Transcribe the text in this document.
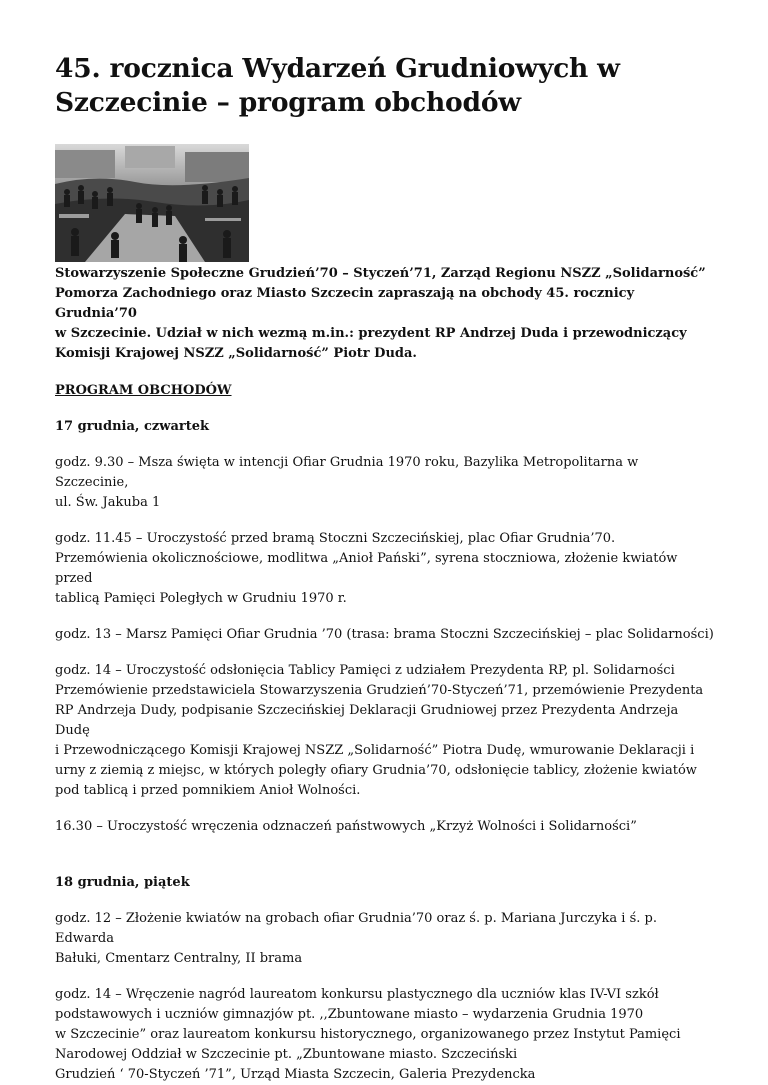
45. rocznica Wydarzeń Grudniowych w
Szczecinie – program obchodów

Stowarzyszenie Społeczne Grudzień’70 – Styczeń’71, Zarząd Regionu NSZZ „Solidarność”
Pomorza Zachodniego oraz Miasto Szczecin zapraszają na obchody 45. rocznicy Grudnia’70
w Szczecinie. Udział w nich wezmą m.in.: prezydent RP Andrzej Duda i przewodniczący
Komisji Krajowej NSZZ „Solidarność” Piotr Duda.

PROGRAM OBCHODÓW

17 grudnia, czwartek

godz. 9.30 – Msza święta w intencji Ofiar Grudnia 1970 roku, Bazylika Metropolitarna w Szczecinie,
ul. Św. Jakuba 1
godz. 11.45 – Uroczystość przed bramą Stoczni Szczecińskiej, plac Ofiar Grudnia’70.
Przemówienia okolicznościowe, modlitwa „Anioł Pański”, syrena stoczniowa, złożenie kwiatów przed
tablicą Pamięci Poległych w Grudniu 1970 r.
godz. 13 – Marsz Pamięci Ofiar Grudnia ’70 (trasa: brama Stoczni Szczecińskiej – plac Solidarności)
godz. 14 – Uroczystość odsłonięcia Tablicy Pamięci z udziałem Prezydenta RP, pl. Solidarności
Przemówienie przedstawiciela Stowarzyszenia Grudzień’70-Styczeń’71, przemówienie Prezydenta
RP Andrzeja Dudy, podpisanie Szczecińskiej Deklaracji Grudniowej przez Prezydenta Andrzeja Dudę
i Przewodniczącego Komisji Krajowej NSZZ „Solidarność” Piotra Dudę, wmurowanie Deklaracji i
urny z ziemią z miejsc, w których poległy ofiary Grudnia’70, odsłonięcie tablicy, złożenie kwiatów
pod tablicą i przed pomnikiem Anioł Wolności.
16.30 – Uroczystość wręczenia odznaczeń państwowych „Krzyż Wolności i Solidarności”

18 grudnia, piątek

godz. 12 – Złożenie kwiatów na grobach ofiar Grudnia’70 oraz ś. p. Mariana Jurczyka i ś. p. Edwarda
Bałuki, Cmentarz Centralny, II brama
godz. 14 – Wręczenie nagród laureatom konkursu plastycznego dla uczniów klas IV-VI szkół
podstawowych i uczniów gimnazjów pt. ,,Zbuntowane miasto – wydarzenia Grudnia 1970
w Szczecinie” oraz laureatom konkursu historycznego, organizowanego przez Instytut Pamięci
Narodowej Oddział w Szczecinie pt. „Zbuntowane miasto. Szczeciński
Grudzień ‘ 70-Styczeń ’71”, Urząd Miasta Szczecin, Galeria Prezydencka
